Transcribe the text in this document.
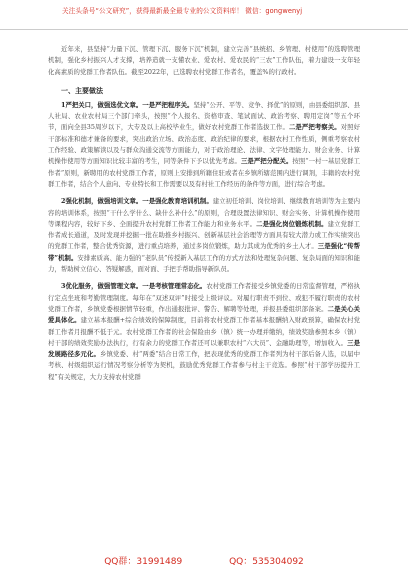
关注头条号“公文研究”，获得最新最全最专业的公文资料库！ 微信：gongwenyj

近年来，县坚持“力量下沉、管理下沉、服务下沉”机制，建立完善“县统招、乡管理、村使用”的选聘管理机制，强化乡村振兴人才支撑，培养造就一支懂农业、爱农村、爱农民的“三农”工作队伍，着力建设一支年轻化高素质的党群工作者队伍。截至2022年，已选聘农村党群工作者名，覆盖%的行政村。

一、主要做法

1严把关口，做强选优文章。一是严把程序关。坚持“公开、平等、竞争、择优”的原则，由县委组织部、县人社局、农业农村局三个部门牵头，按照“个人报名、资格审查、笔试面试、政治考察、聘用定岗”等五个环节，面向全县35周岁以下，大专及以上高校毕业生，做好农村党群工作者选拔工作。二是严把考察关。对照好干部标准和德才兼备的要求，突出政治立场、政治态度、政治纪律的要求，根据农村工作性质，侧重考察农村工作经验、政策解读以及与群众沟通交流等方面能力，对于政治理论、法律、文字处理能力、财会业务、计算机操作使用等方面知识比较丰富的考生，同等条件下予以优先考虑。三是严把分配关。按照“一村一基层党群工作者”原则，新聘用的农村党群工作者，原则上安排到所籍住驻或者在乡镇所辖范围内进行调剂，丰籍的农村党群工作者，结合个人意向、专业特长和工作需要以及有村社工作经历的条件等方面，进行综合考虑。

2强化机制，做强培训文章。一是强化教育培训机制。建立初任培训、岗位培训、继续教育培训等为主要内容的培训体系，按照“干什么学什么、缺什么补什么”的原则，合理设置法律知识、财会实务、计算机操作使用等课程内容，较好下乡、全面提升农村党群工作者工作能力和业务水平。二是强化岗位锻炼机制。建立党群工作者成长通道，及时发现并挖掘一批在助推乡村振兴、创新基层社会治理等方面具有较大潜力或工作实绩突出的党群工作者，整合优秀资源，进行重点培养，通过多岗位锻炼，助力其成为优秀的乡土人才。三是强化“传帮带”机制。安排素质高、能力强的“老队员”传授新入基层工作的方式方法和处理复杂问题、复杂局面的知识和能力，帮助树立信心、答疑解惑，面对面、手把手帮助指导新队员。

3优化服务，做强管理文章。一是考核管理常态化。农村党群工作者接受乡镇党委的日常监督管理，严格执行定点坐班和考勤管理制度。每年在“双述双评”时接受上级评议。对履行职责不到位、或犯不履行职责的农村党群工作者，乡镇党委根据情节轻重，作出通报批评、警告、解聘等处理，并报县委组织部备案。二是关心关爱具体化。建立基本报酬+综合绩效的保障制度，目前将农村党群工作者基本报酬纳入财政预算，确保农村党群工作者月报酬不低于元。农村党群工作者的社会保险由乡（镇）统一办理并缴纳，绩效奖励参照本乡（镇）村干部的绩效奖励办法执行，行有余力的党群工作者还可以兼职农村“六大员”、金融助理等，增加收入。三是发展路径多元化。乡镇党委、村“两委”结合日常工作，把表现优秀的党群工作者列为村干部后备人选，以届中考核、村级组织运行情况考察分析等为契机，鼓励优秀党群工作者参与村主干竞选。参照“村干部学历提升工程”有关规定，大力支持农村党群

QQ群：31991489	QQ：535304092
